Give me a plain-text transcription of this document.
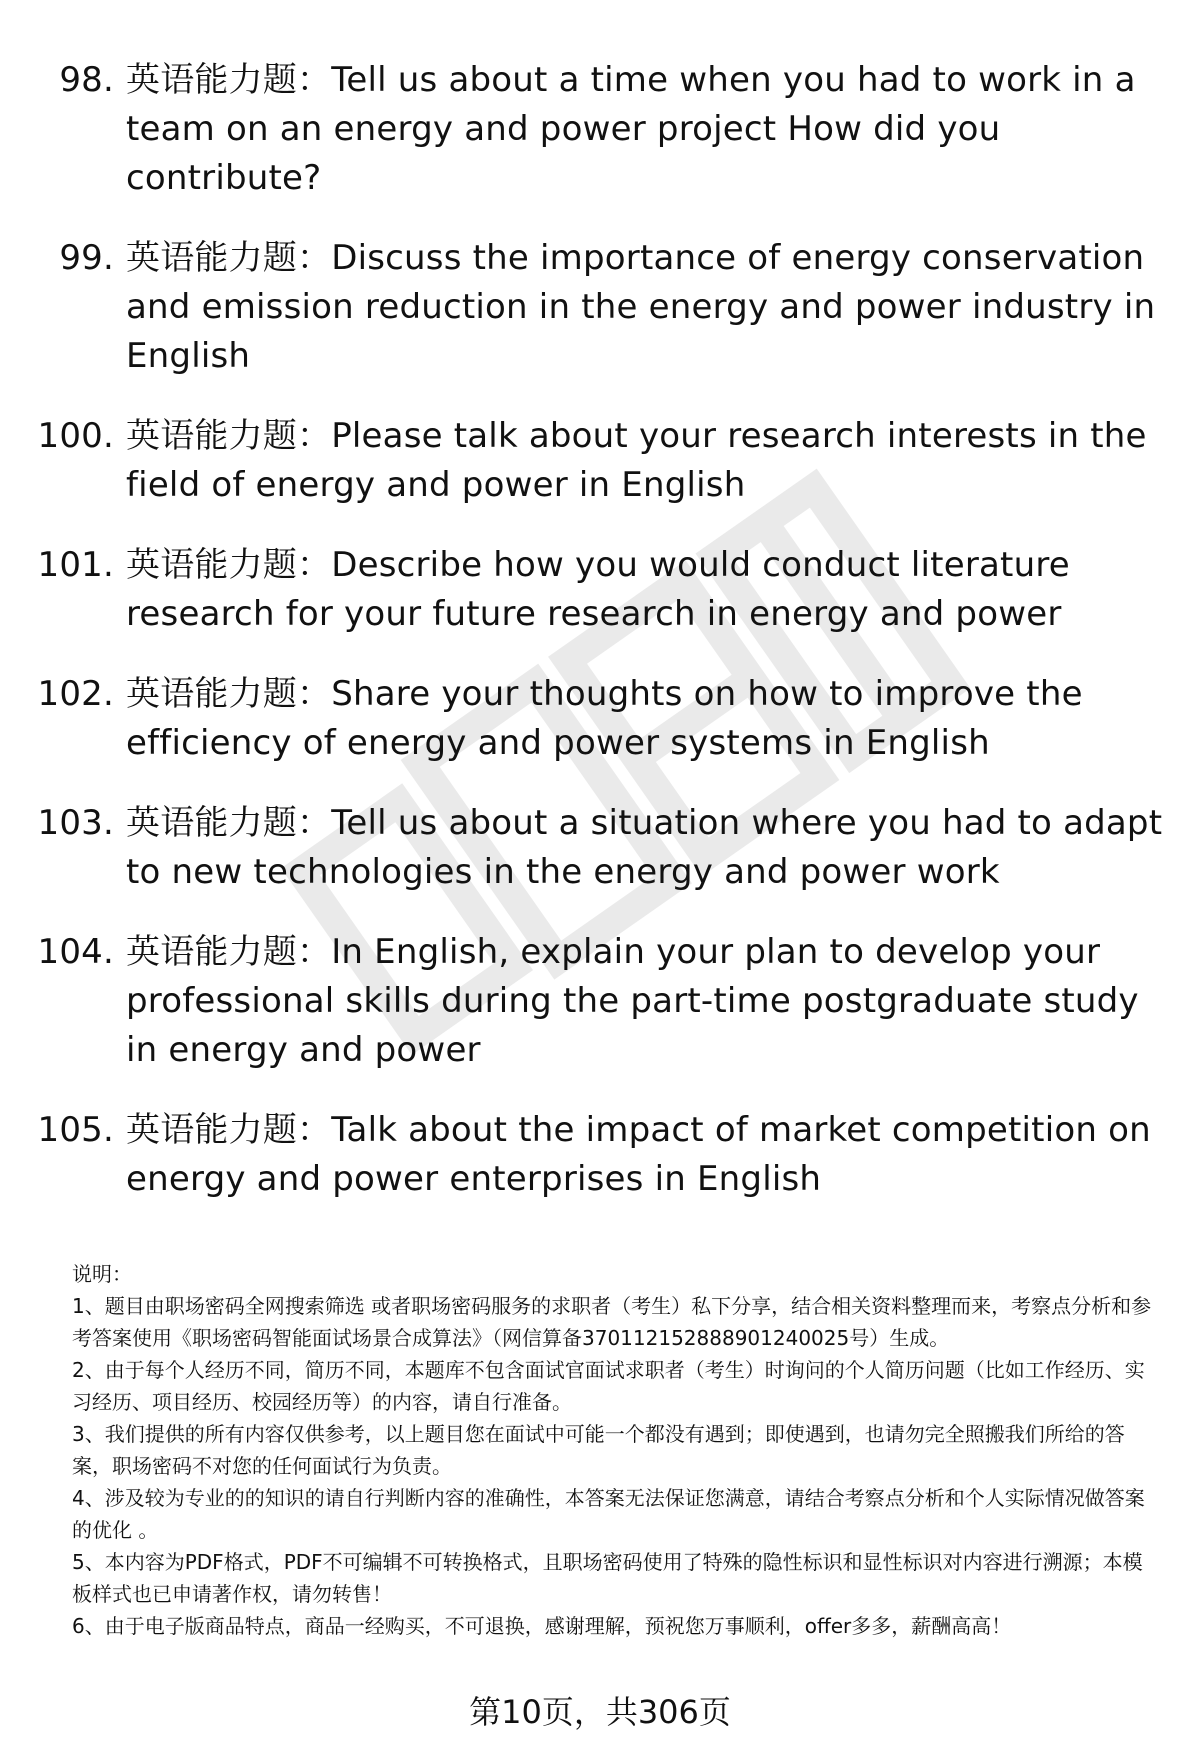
98. 英语能力题：Tell us about a time when you had to work in a team on an energy and power project How did you contribute?
99. 英语能力题：Discuss the importance of energy conservation and emission reduction in the energy and power industry in English
100. 英语能力题：Please talk about your research interests in the field of energy and power in English
101. 英语能力题：Describe how you would conduct literature research for your future research in energy and power
102. 英语能力题：Share your thoughts on how to improve the efficiency of energy and power systems in English
103. 英语能力题：Tell us about a situation where you had to adapt to new technologies in the energy and power work
104. 英语能力题：In English, explain your plan to develop your professional skills during the part-time postgraduate study in energy and power
105. 英语能力题：Talk about the impact of market competition on energy and power enterprises in English

说明：

1、题目由职场密码全网搜索筛选 或者职场密码服务的求职者（考生）私下分享，结合相关资料整理而来，考察点分析和参考答案使用《职场密码智能面试场景合成算法》（网信算备370112152888901240025号）生成。

2、由于每个人经历不同，简历不同，本题库不包含面试官面试求职者（考生）时询问的个人简历问题（比如工作经历、实习经历、项目经历、校园经历等）的内容，请自行准备。

3、我们提供的所有内容仅供参考，以上题目您在面试中可能一个都没有遇到；即使遇到，也请勿完全照搬我们所给的答案，职场密码不对您的任何面试行为负责。

4、涉及较为专业的的知识的请自行判断内容的准确性，本答案无法保证您满意，请结合考察点分析和个人实际情况做答案的优化 。

5、本内容为PDF格式，PDF不可编辑不可转换格式，且职场密码使用了特殊的隐性标识和显性标识对内容进行溯源；本模板样式也已申请著作权，请勿转售！

6、由于电子版商品特点，商品一经购买，不可退换，感谢理解，预祝您万事顺利，offer多多，薪酬高高！

第10页，共306页
